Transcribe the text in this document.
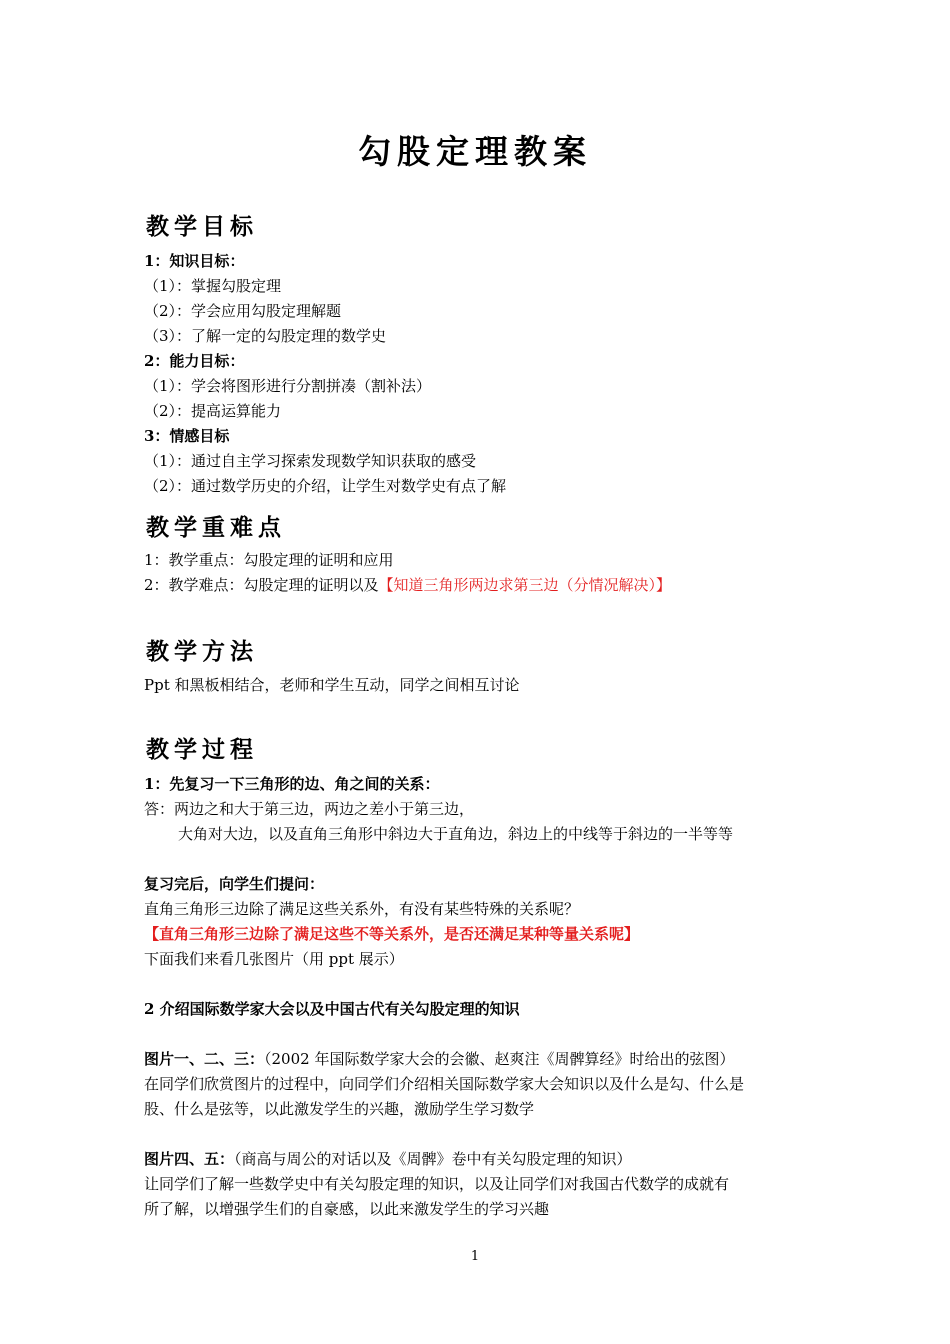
勾股定理教案
教学目标
1：知识目标：
（1）：掌握勾股定理
（2）：学会应用勾股定理解题
（3）：了解一定的勾股定理的数学史
2：能力目标：
（1）：学会将图形进行分割拼凑（割补法）
（2）：提高运算能力
3：情感目标
（1）：通过自主学习探索发现数学知识获取的感受
（2）：通过数学历史的介绍，让学生对数学史有点了解
教学重难点
1：教学重点：勾股定理的证明和应用
2：教学难点：勾股定理的证明以及【知道三角形两边求第三边（分情况解决）】
教学方法
Ppt 和黑板相结合，老师和学生互动，同学之间相互讨论
教学过程
1：先复习一下三角形的边、角之间的关系：
答：两边之和大于第三边，两边之差小于第三边，
大角对大边，以及直角三角形中斜边大于直角边，斜边上的中线等于斜边的一半等等
复习完后，向学生们提问：
直角三角形三边除了满足这些关系外，有没有某些特殊的关系呢？
【直角三角形三边除了满足这些不等关系外，是否还满足某种等量关系呢】
下面我们来看几张图片（用 ppt 展示）
2 介绍国际数学家大会以及中国古代有关勾股定理的知识
图片一、二、三：（2002 年国际数学家大会的会徽、赵爽注《周髀算经》时给出的弦图）
在同学们欣赏图片的过程中，向同学们介绍相关国际数学家大会知识以及什么是勾、什么是
股、什么是弦等，以此激发学生的兴趣，激励学生学习数学
图片四、五：（商高与周公的对话以及《周髀》卷中有关勾股定理的知识）
让同学们了解一些数学史中有关勾股定理的知识，以及让同学们对我国古代数学的成就有
所了解，以增强学生们的自豪感，以此来激发学生的学习兴趣
1
